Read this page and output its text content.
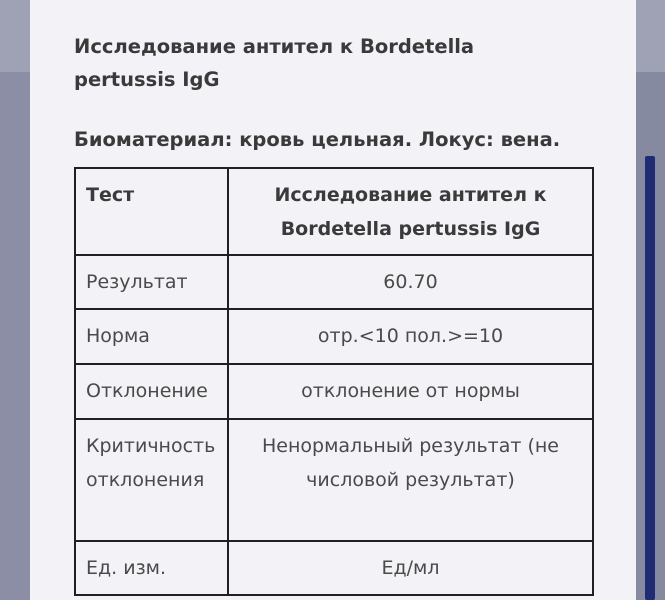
Исследование антител к Bordetella pertussis IgG
Биоматериал: кровь цельная. Локус: вена.
Тест	Исследование антител к Bordetella pertussis IgG
Результат	60.70
Норма	отр.<10 пол.>=10
Отклонение	отклонение от нормы
Критичность отклонения	Ненормальный результат (не числовой результат)
Ед. изм.	Ед/мл
